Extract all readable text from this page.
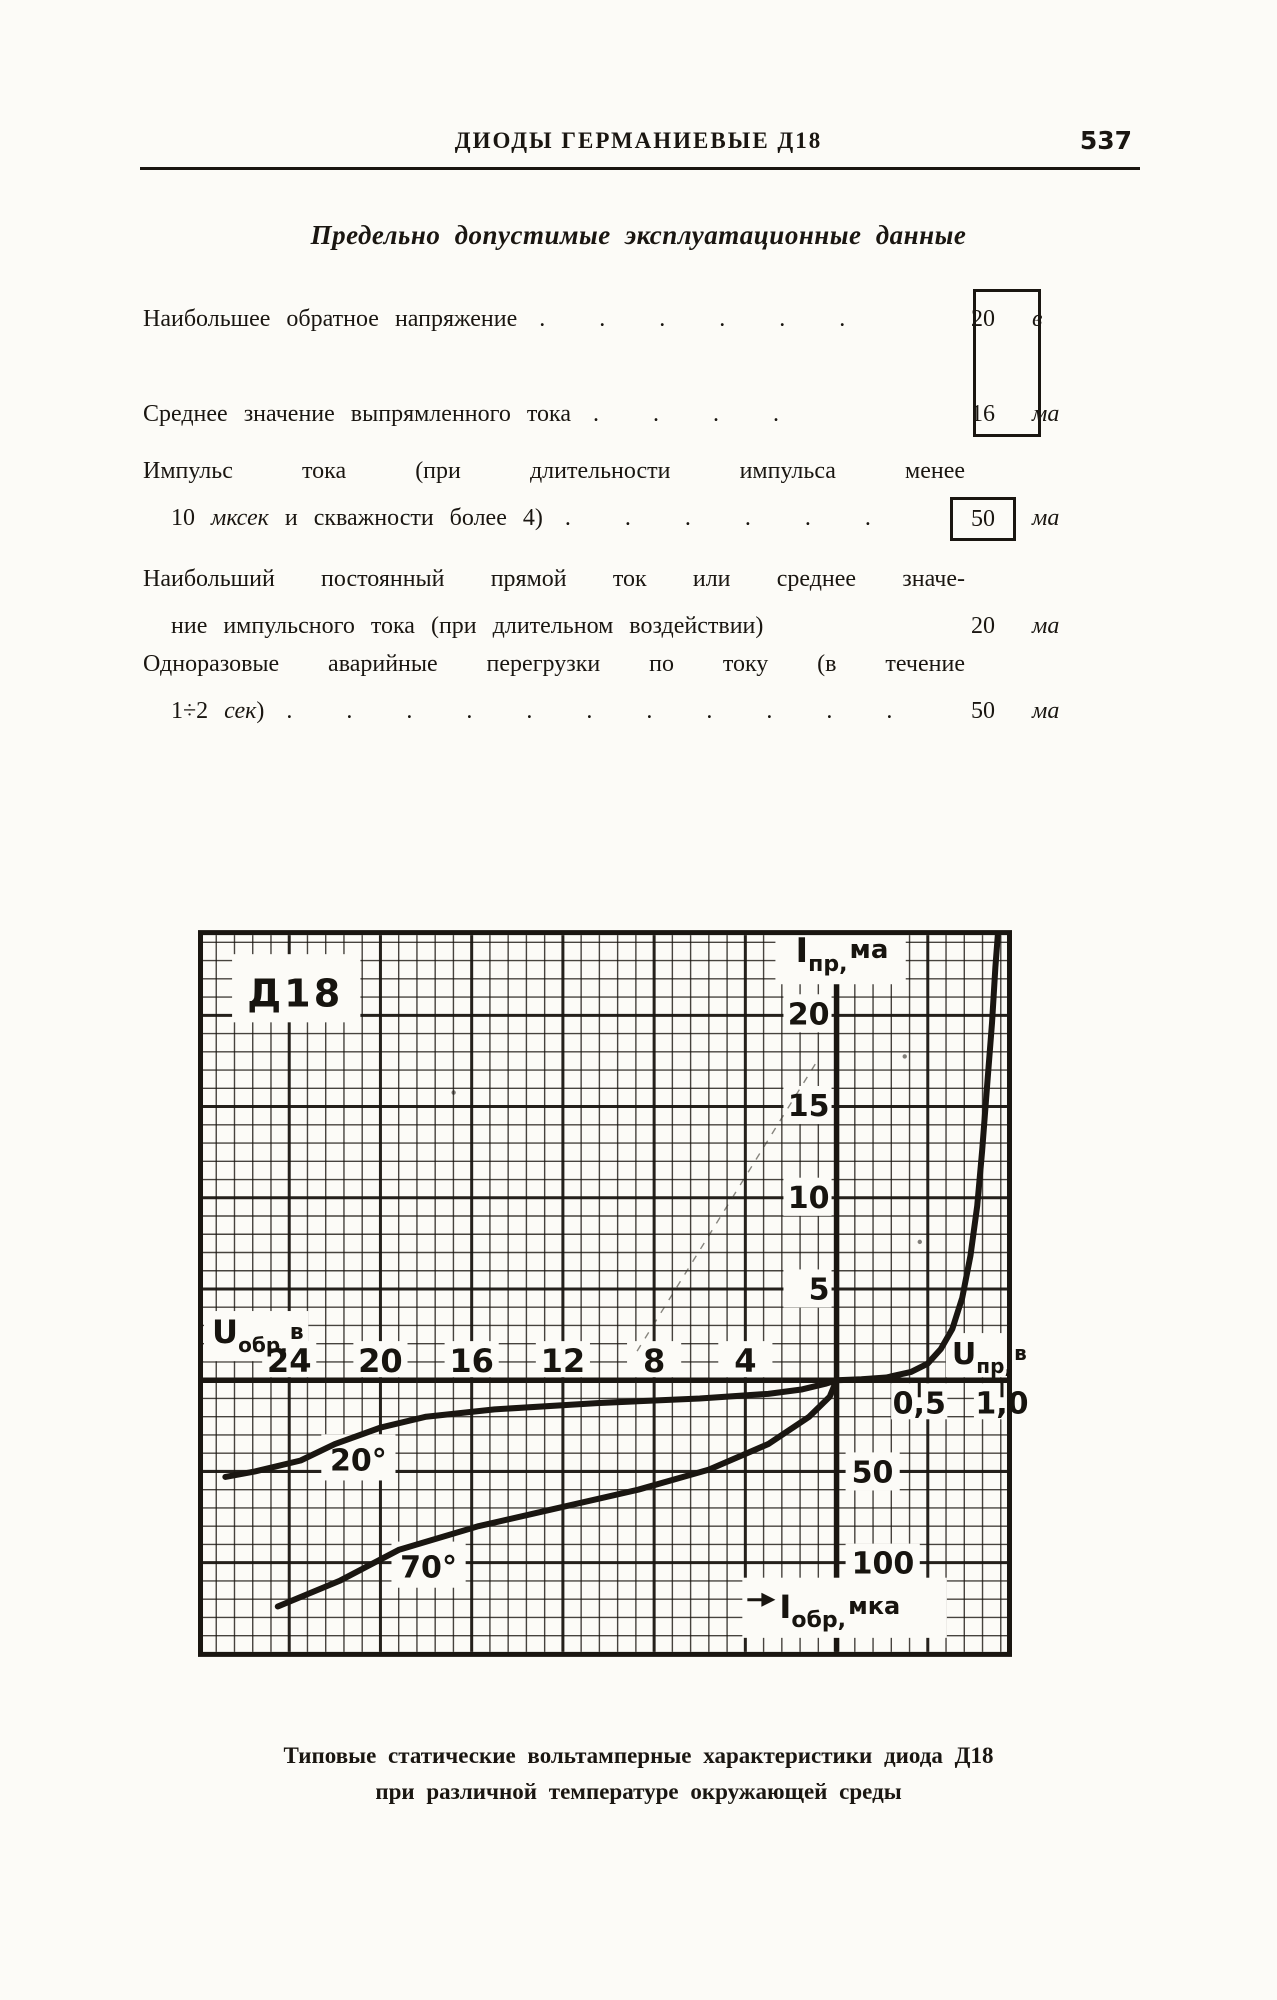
ДИОДЫ ГЕРМАНИЕВЫЕ Д18	537
Предельно допустимые эксплуатационные данные
Наибольшее обратное напряжение . . . . . .	20	в
Среднее значение выпрямленного тока . . . .	16	ма
Импульс тока (при длительности импульса менее
10 мксек и скважности более 4) . . . . . .	50	ма
Наибольший постоянный прямой ток или среднее значе-
ние импульсного тока (при длительном воздействии)	20	ма
Одноразовые аварийные перегрузки по току (в течение
1÷2 сек) . . . . . . . . . . .	50	ма
Д18
Iпр,ма
20
15
10
5
50
100
24 20 16 12 8 4
0,5 1,0
Uобр,в
Uпр,в
Iобр,мка
20°
70°
Типовые статические вольтамперные характеристики диода Д18
при различной температуре окружающей среды
